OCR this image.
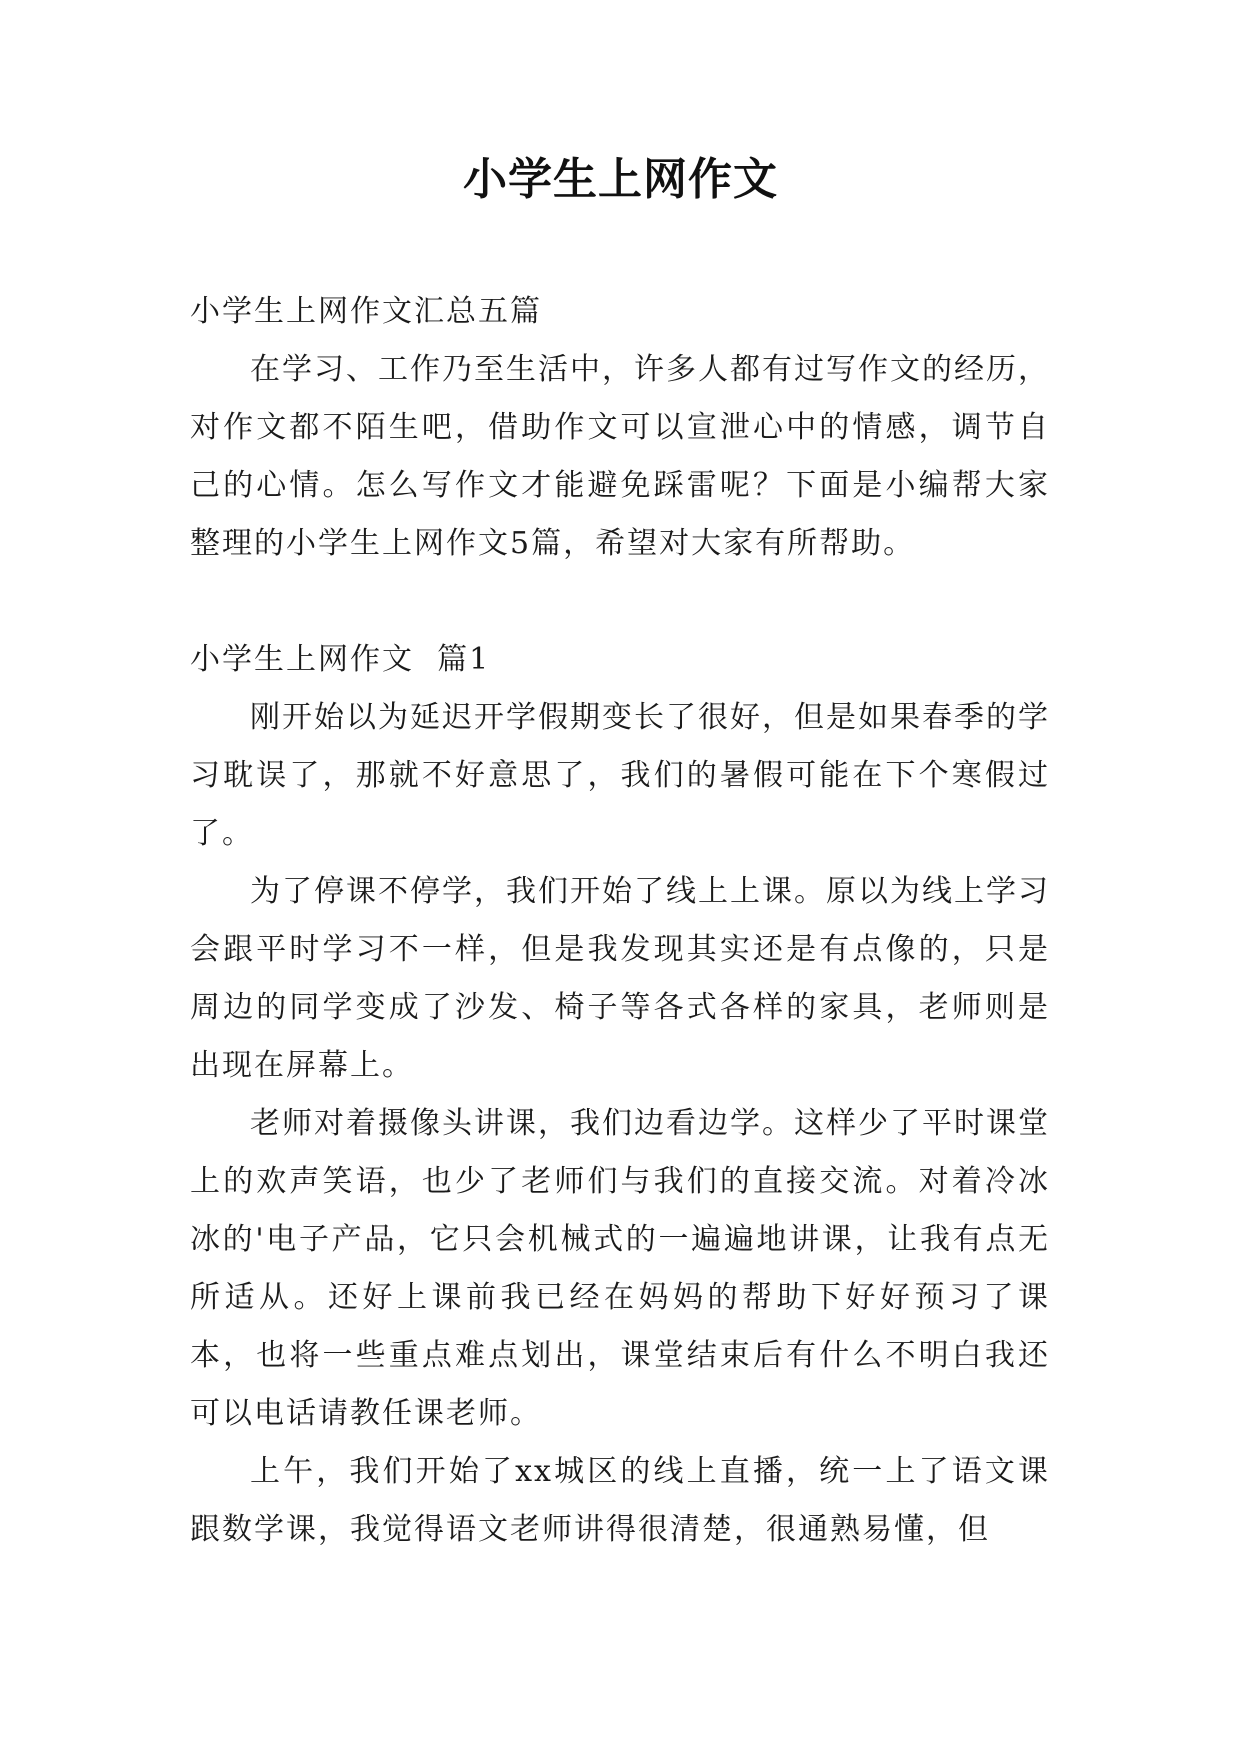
小学生上网作文

小学生上网作文汇总五篇

在学习、工作乃至生活中，许多人都有过写作文的经历，对作文都不陌生吧，借助作文可以宣泄心中的情感，调节自己的心情。怎么写作文才能避免踩雷呢？下面是小编帮大家整理的小学生上网作文5篇，希望对大家有所帮助。

小学生上网作文  篇1

刚开始以为延迟开学假期变长了很好，但是如果春季的学习耽误了，那就不好意思了，我们的暑假可能在下个寒假过了。

为了停课不停学，我们开始了线上上课。原以为线上学习会跟平时学习不一样，但是我发现其实还是有点像的，只是周边的同学变成了沙发、椅子等各式各样的家具，老师则是出现在屏幕上。

老师对着摄像头讲课，我们边看边学。这样少了平时课堂上的欢声笑语，也少了老师们与我们的直接交流。对着冷冰冰的'电子产品，它只会机械式的一遍遍地讲课，让我有点无所适从。还好上课前我已经在妈妈的帮助下好好预习了课本，也将一些重点难点划出，课堂结束后有什么不明白我还可以电话请教任课老师。

上午，我们开始了xx城区的线上直播，统一上了语文课跟数学课，我觉得语文老师讲得很清楚，很通熟易懂，但
